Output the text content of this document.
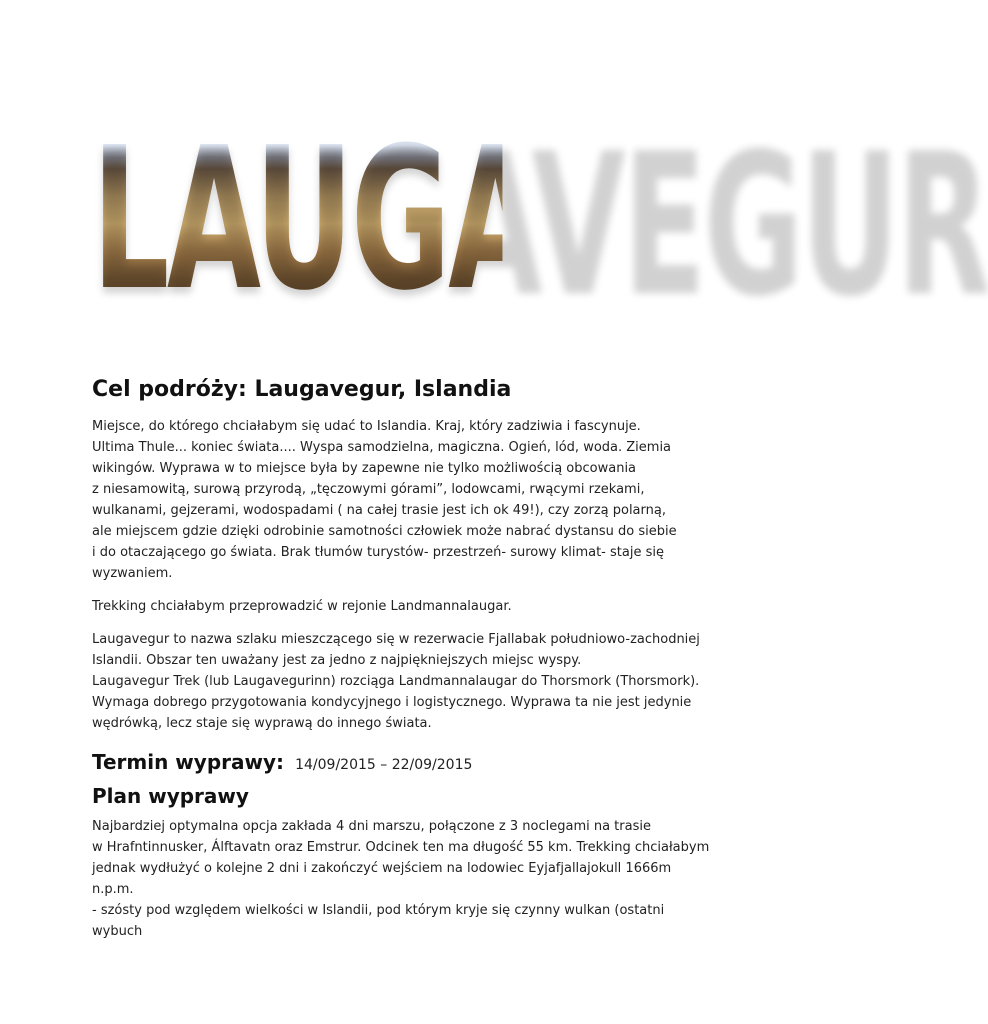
LAUGAVEGUR
Cel podróży: Laugavegur, Islandia
Miejsce, do którego chciałabym się udać to Islandia. Kraj, który zadziwia i fascynuje.
Ultima Thule... koniec świata.... Wyspa samodzielna, magiczna. Ogień, lód, woda. Ziemia
wikingów. Wyprawa w to miejsce była by zapewne nie tylko możliwością obcowania
z niesamowitą, surową przyrodą, „tęczowymi górami”, lodowcami, rwącymi rzekami,
wulkanami, gejzerami, wodospadami ( na całej trasie jest ich ok 49!), czy zorzą polarną,
ale miejscem gdzie dzięki odrobinie samotności człowiek może nabrać dystansu do siebie
i do otaczającego go świata. Brak tłumów turystów- przestrzeń- surowy klimat- staje się
wyzwaniem.
Trekking chciałabym przeprowadzić w rejonie Landmannalaugar.
Laugavegur to nazwa szlaku mieszczącego się w rezerwacie Fjallabak południowo-zachodniej
Islandii. Obszar ten uważany jest za jedno z najpiękniejszych miejsc wyspy.
Laugavegur Trek (lub Laugavegurinn) rozciąga Landmannalaugar do Thorsmork (Thorsmork).
Wymaga dobrego przygotowania kondycyjnego i logistycznego. Wyprawa ta nie jest jedynie
wędrówką, lecz staje się wyprawą do innego świata.
Termin wyprawy: 14/09/2015 – 22/09/2015
Plan wyprawy
Najbardziej optymalna opcja zakłada 4 dni marszu, połączone z 3 noclegami na trasie
w Hrafntinnusker, Álftavatn oraz Emstrur. Odcinek ten ma długość 55 km. Trekking chciałabym
jednak wydłużyć o kolejne 2 dni i zakończyć wejściem na lodowiec Eyjafjallajokull 1666m n.p.m.
- szósty pod względem wielkości w Islandii, pod którym kryje się czynny wulkan (ostatni wybuch
